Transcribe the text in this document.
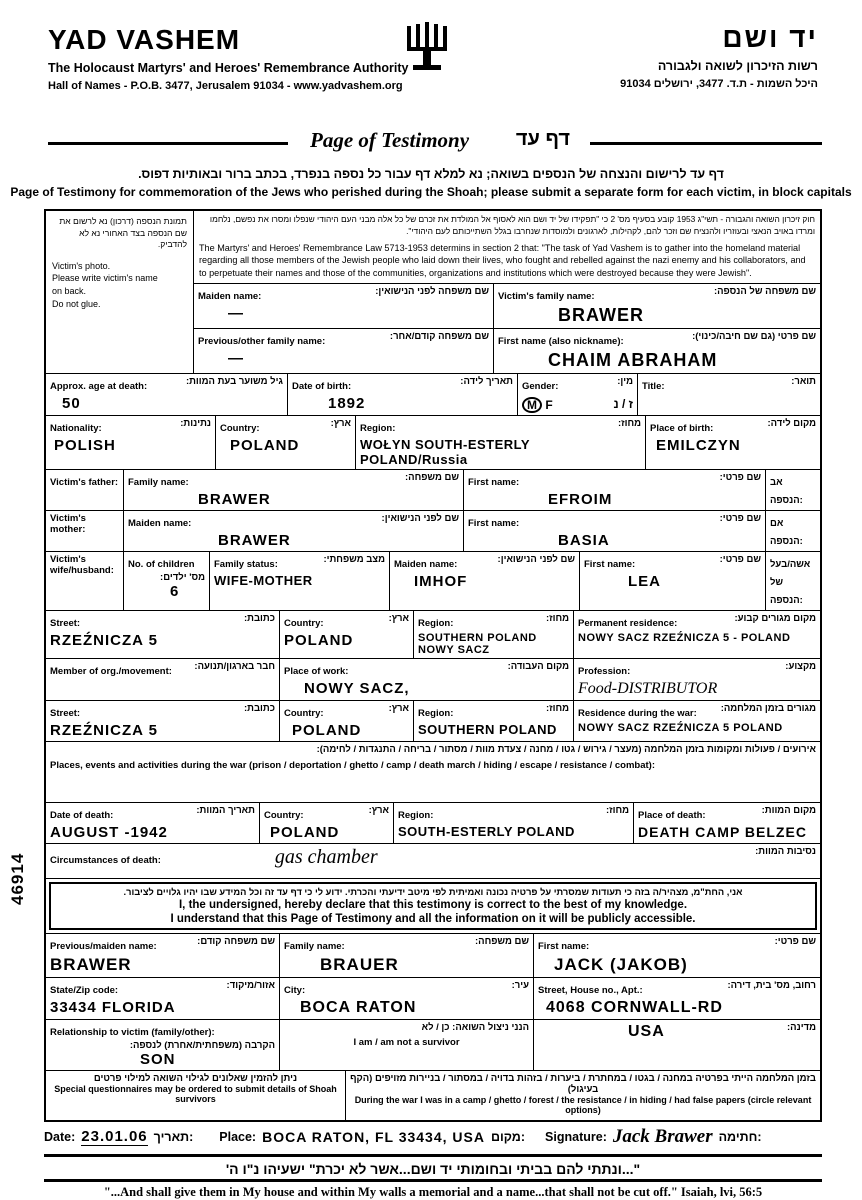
YAD VASHEM
The Holocaust Martyrs' and Heroes' Remembrance Authority
Hall of Names - P.O.B. 3477, Jerusalem 91034 - www.yadvashem.org
יד ושם
רשות הזיכרון לשואה ולגבורה
היכל השמות - ת.ד. 3477, ירושלים 91034
Page of Testimony דף עד
דף עד לרישום והנצחה של הנספים בשואה; נא למלא דף עבור כל נספה בנפרד, בכתב ברור ובאותיות דפוס.
Page of Testimony for commemoration of the Jews who perished during the Shoah; please submit a separate form for each victim, in block capitals
תמונת הנספה (דרכון) נא לרשום את שם הנספה בצד האחורי נא לא להדביק.
Victim's photo.
Please write victim's name
on back.
Do not glue.
חוק זיכרון השואה והגבורה - תשי"ג 1953 קובע בסעיף מס' 2 כי "תפקידו של יד ושם הוא לאסוף אל המולדת את זכרם של כל אלה מבני העם היהודי שנפלו ומסרו את נפשם, נלחמו ומרדו באויב הנאצי ובעוזריו ולהנציח שם וזכר להם, לקהילות, לארגונים ולמוסדות שנחרבו בגלל השתייכותם לעם היהודי".
The Martyrs' and Heroes' Remembrance Law 5713-1953 determins in section 2 that: "The task of Yad Vashem is to gather into the homeland material regarding all those members of the Jewish people who laid down their lives, who fought and rebelled against the nazi enemy and his collaborators, and to perpetuate their names and those of the communities, organizations and institutions which were destroyed because they were Jewish".
Maiden name:	שם משפחה לפני הנישואין:
—
Victim's family name:	שם משפחה של הנספה:
BRAWER
Previous/other family name:	שם משפחה קודם/אחר:
—
First name (also nickname):	שם פרטי (גם שם חיבה/כינוי):
CHAIM ABRAHAM
Approx. age at death:	גיל משוער בעת המוות:
50
Date of birth:	תאריך לידה:
1892
Gender:	מין:
M F	ז / נ
Title:	תואר:
Nationality:	נתינות:
POLISH
Country:	ארץ:
POLAND
Region:	מחוז:
WOŁYN SOUTH-ESTERLY POLAND/Russia
Place of birth:	מקום לידה:
EMILCZYN
Victim's father:	Family name:	שם משפחה:
BRAWER
First name:	שם פרטי:
EFROIM
אב הנספה:
Victim's mother:
Maiden name:	שם לפני הנישואין:
BRAWER
First name:	שם פרטי:
BASIA
אם הנספה:
Victim's wife/husband:
No. of children
מס' ילדים:
6
Family status:	מצב משפחתי:
WIFE-MOTHER
Maiden name:	שם לפני הנישואין:
IMHOF
First name:	שם פרטי:
LEA
אשה/בעל של הנספה:
Street:	כתובת:
RZEŹNICZA 5
Country:	ארץ:
POLAND
Region:	מחוז:
SOUTHERN POLAND NOWY SACZ
Permanent residence:	מקום מגורים קבוע:
NOWY SACZ RZEŹNICZA 5 - POLAND
Member of org./movement: חבר בארגון/תנועה: Place of work:	מקום העבודה:
NOWY SACZ,
Profession:	מקצוע:
Food-DISTRIBUTOR
Street:	כתובת:
RZEŹNICZA 5
Country:	ארץ:
POLAND
Region:	מחוז:
SOUTHERN POLAND
Residence during the war:	מגורים בזמן המלחמה:
NOWY SACZ RZEŹNICZA 5 POLAND
אירועים / פעולות ומקומות בזמן המלחמה (מעצר / גירוש / גטו / מחנה / צעדת מוות / מסתור / בריחה / התנגדות / לחימה):
Places, events and activities during the war (prison / deportation / ghetto / camp / death march / hiding / escape / resistance / combat):
Date of death:	תאריך המוות:
AUGUST -1942
Country:	ארץ:
POLAND
Region:	מחוז:
SOUTH-ESTERLY POLAND
Place of death:	מקום המוות:
DEATH CAMP BELZEC
Circumstances of death:
נסיבות המוות:
gas chamber
אני, החת"מ, מצהיר/ה בזה כי תעודות שמסרתי על פרטיה נכונה ואמיתית לפי מיטב ידיעתי והכרתי. ידוע לי כי דף עד זה וכל המידע שבו יהיו גלויים לציבור.
I, the undersigned, hereby declare that this testimony is correct to the best of my knowledge.
I understand that this Page of Testimony and all the information on it will be publicly accessible.
Previous/maiden name:	שם משפחה קודם:
BRAWER
Family name:	שם משפחה:
BRAUER
First name:	שם פרטי:
JACK (JAKOB)
State/Zip code:	אזור/מיקוד:
33434 FLORIDA
City:	עיר:
BOCA RATON
Street, House no., Apt.:	רחוב, מס' בית, דירה:
4068 CORNWALL-RD
Relationship to victim (family/other):
הקרבה (משפחתית/אחרת) לנספה:
SON
הנני ניצול השואה: כן / לא
I am / am not a survivor
מדינה:
USA
ניתן להזמין שאלונים לגילוי השואה למילוי פרטים
Special questionnaires may be ordered to submit details of Shoah survivors
בזמן המלחמה הייתי בפרטיה במחנה / בגטו / במחתרת / ביערות / בזהות בדויה / במסתור / בניירות מזויפים (הקף בעיגול)
During the war I was in a camp / ghetto / forest / the resistance / in hiding / had false papers (circle relevant options)
Date: 23.01.06 תאריך: Place: BOCA RATON, FL 33434, USA מקום: Signature: Jack Brawer חתימה:
"...ונתתי להם בביתי ובחומותי יד ושם...אשר לא יכרת" ישעיהו נ"ו ה'
"...And shall give them in My house and within My walls a memorial and a name...that shall not be cut off." Isaiah, lvi, 56:5
46914
